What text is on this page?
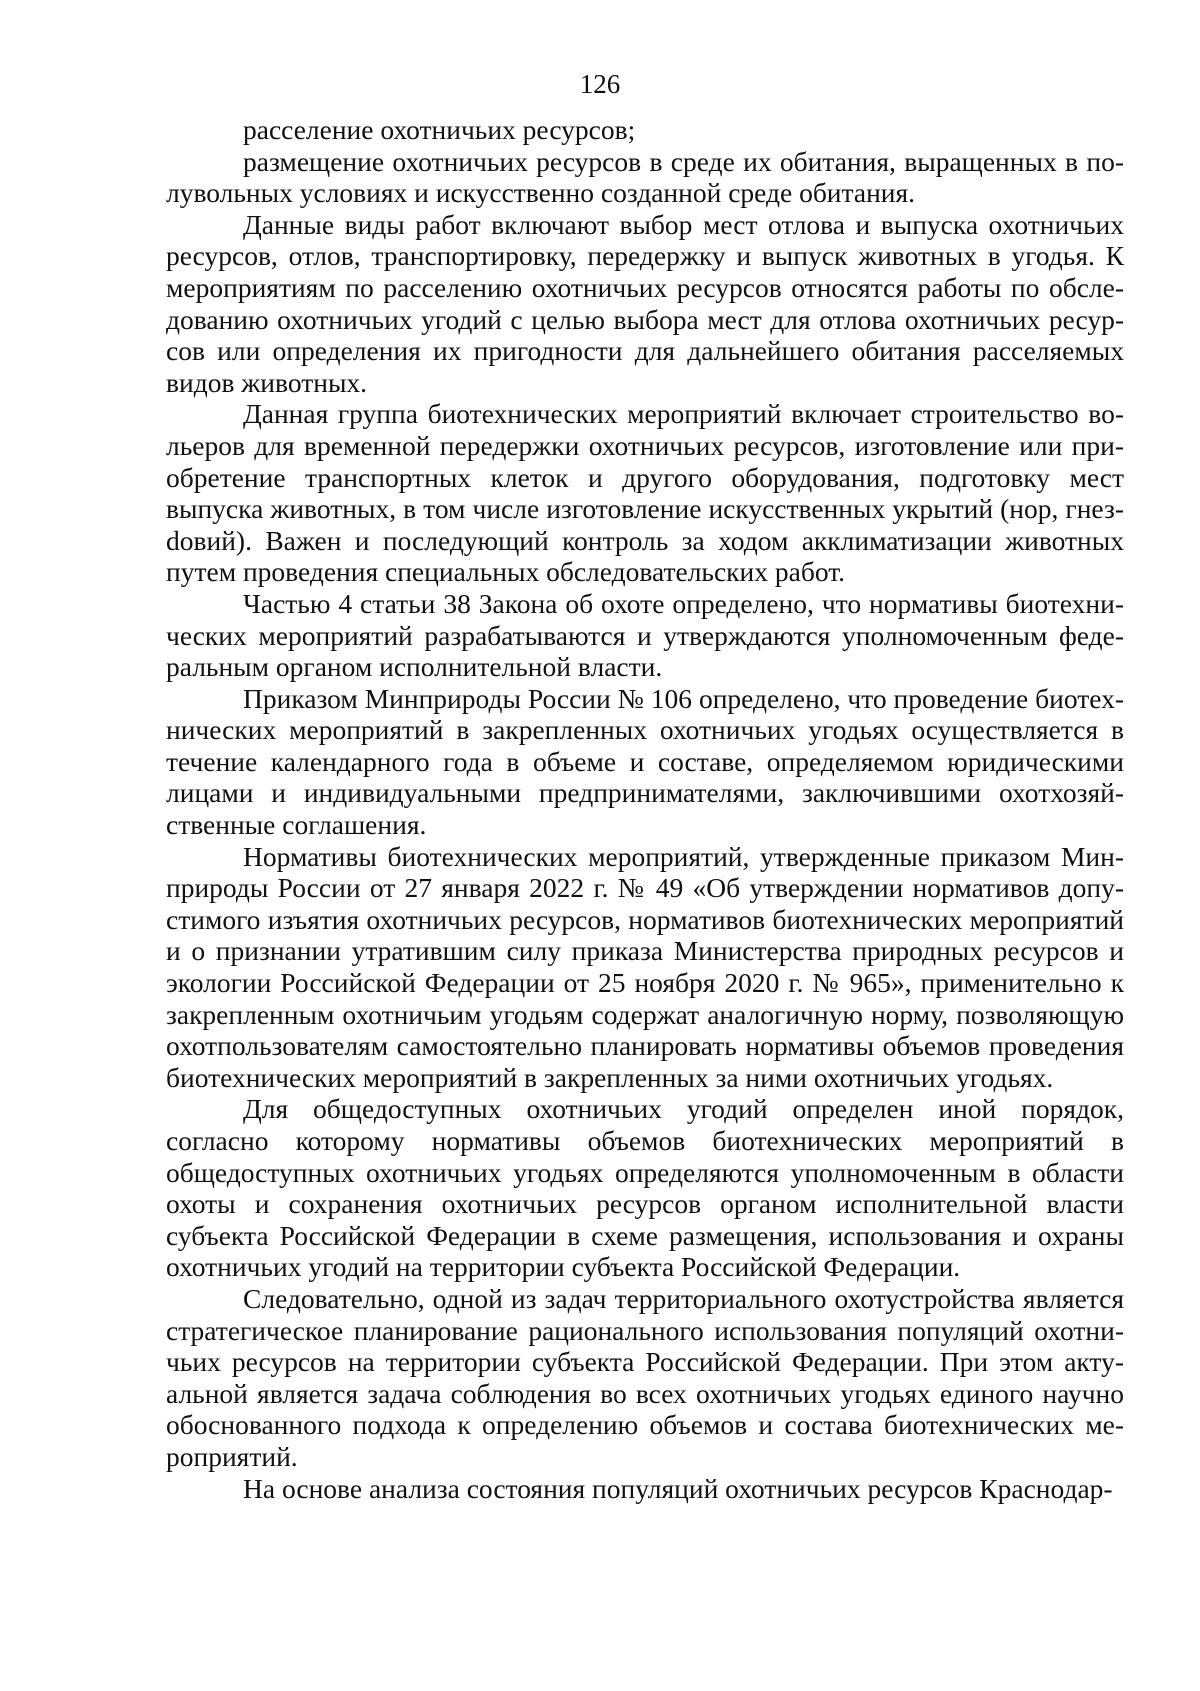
126

расселение охотничьих ресурсов;

размещение охотничьих ресурсов в среде их обитания, выращенных в полувольных условиях и искусственно созданной среде обитания.

Данные виды работ включают выбор мест отлова и выпуска охотничьих ресурсов, отлов, транспортировку, передержку и выпуск животных в угодья. К мероприятиям по расселению охотничьих ресурсов относятся работы по обследованию охотничьих угодий с целью выбора мест для отлова охотничьих ресурсов или определения их пригодности для дальнейшего обитания расселяемых видов животных.

Данная группа биотехнических мероприятий включает строительство вольеров для временной передержки охотничьих ресурсов, изготовление или приобретение транспортных клеток и другого оборудования, подготовку мест выпуска животных, в том числе изготовление искусственных укрытий (нор, гнезdовий). Важен и последующий контроль за ходом акклиматизации животных путем проведения специальных обследовательских работ.

Частью 4 статьи 38 Закона об охоте определено, что нормативы биотехнических мероприятий разрабатываются и утверждаются уполномоченным федеральным органом исполнительной власти.

Приказом Минприроды России № 106 определено, что проведение биотехнических мероприятий в закрепленных охотничьих угодьях осуществляется в течение календарного года в объеме и составе, определяемом юридическими лицами и индивидуальными предпринимателями, заключившими охотхозяйственные соглашения.

Нормативы биотехнических мероприятий, утвержденные приказом Минприроды России от 27 января 2022 г. № 49 «Об утверждении нормативов допустимого изъятия охотничьих ресурсов, нормативов биотехнических мероприятий и о признании утратившим силу приказа Министерства природных ресурсов и экологии Российской Федерации от 25 ноября 2020 г. № 965», применительно к закрепленным охотничьим угодьям содержат аналогичную норму, позволяющую охотпользователям самостоятельно планировать нормативы объемов проведения биотехнических мероприятий в закрепленных за ними охотничьих угодьях.

Для общедоступных охотничьих угодий определен иной порядок, согласно которому нормативы объемов биотехнических мероприятий в общедоступных охотничьих угодьях определяются уполномоченным в области охоты и сохранения охотничьих ресурсов органом исполнительной власти субъекта Российской Федерации в схеме размещения, использования и охраны охотничьих угодий на территории субъекта Российской Федерации.

Следовательно, одной из задач территориального охотустройства является стратегическое планирование рационального использования популяций охотничьих ресурсов на территории субъекта Российской Федерации. При этом актуальной является задача соблюдения во всех охотничьих угодьях единого научно обоснованного подхода к определению объемов и состава биотехнических мероприятий.

На основе анализа состояния популяций охотничьих ресурсов Краснодар-
